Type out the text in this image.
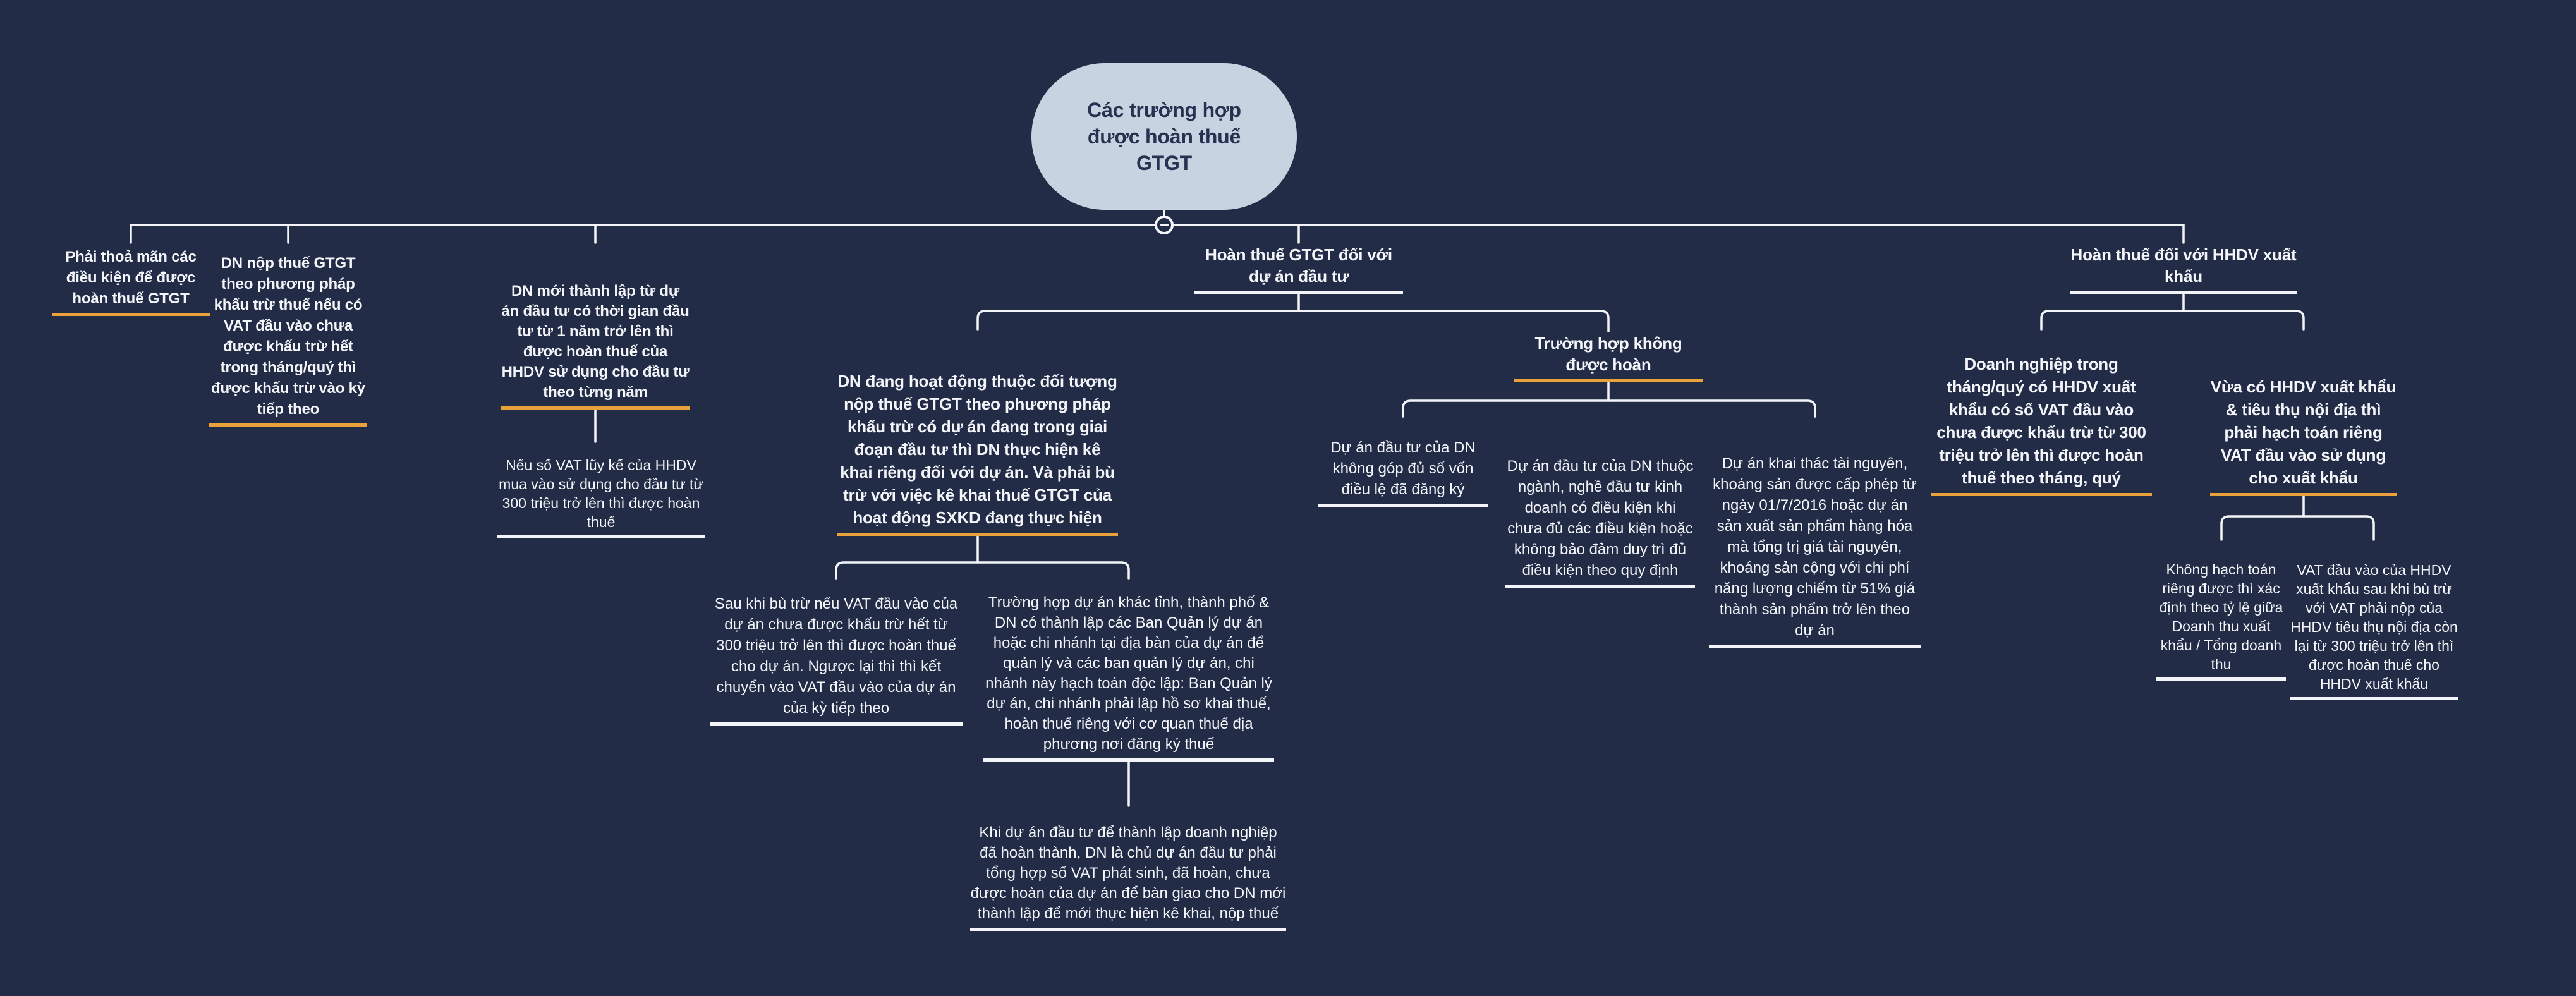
Các trường hợp được hoàn thuế GTGT
Phải thoả mãn các điều kiện để được hoàn thuế GTGT
DN nộp thuế GTGT theo phương pháp khấu trừ thuế nếu có VAT đầu vào chưa được khấu trừ hết trong tháng/quý thì được khấu trừ vào kỳ tiếp theo
DN mới thành lập từ dự án đầu tư có thời gian đầu tư từ 1 năm trở lên thì được hoàn thuế của HHDV sử dụng cho đầu tư theo từng năm
Nếu số VAT lũy kế của HHDV mua vào sử dụng cho đầu tư từ 300 triệu trở lên thì được hoàn thuế
Hoàn thuế GTGT đối với dự án đầu tư
DN đang hoạt động thuộc đối tượng nộp thuế GTGT theo phương pháp khấu trừ có dự án đang trong giai đoạn đầu tư thì DN thực hiện kê khai riêng đối với dự án. Và phải bù trừ với việc kê khai thuế GTGT của hoạt động SXKD đang thực hiện
Sau khi bù trừ nếu VAT đầu vào của dự án chưa được khấu trừ hết từ 300 triệu trở lên thì được hoàn thuế cho dự án. Ngược lại thì thì kết chuyển vào VAT đầu vào của dự án của kỳ tiếp theo
Trường hợp dự án khác tỉnh, thành phố & DN có thành lập các Ban Quản lý dự án hoặc chi nhánh tại địa bàn của dự án để quản lý và các ban quản lý dự án, chi nhánh này hạch toán độc lập: Ban Quản lý dự án, chi nhánh phải lập hồ sơ khai thuế, hoàn thuế riêng với cơ quan thuế địa phương nơi đăng ký thuế
Khi dự án đầu tư để thành lập doanh nghiệp đã hoàn thành, DN là chủ dự án đầu tư phải tổng hợp số VAT phát sinh, đã hoàn, chưa được hoàn của dự án để bàn giao cho DN mới thành lập để mới thực hiện kê khai, nộp thuế
Trường hợp không được hoàn
Dự án đầu tư của DN không góp đủ số vốn điều lệ đã đăng ký
Dự án đầu tư của DN thuộc ngành, nghề đầu tư kinh doanh có điều kiện khi chưa đủ các điều kiện hoặc không bảo đảm duy trì đủ điều kiện theo quy định
Dự án khai thác tài nguyên, khoáng sản được cấp phép từ ngày 01/7/2016 hoặc dự án sản xuất sản phẩm hàng hóa mà tổng trị giá tài nguyên, khoáng sản cộng với chi phí năng lượng chiếm từ 51% giá thành sản phẩm trở lên theo dự án
Hoàn thuế đối với HHDV xuất khẩu
Doanh nghiệp trong tháng/quý có HHDV xuất khẩu có số VAT đầu vào chưa được khấu trừ từ 300 triệu trở lên thì được hoàn thuế theo tháng, quý
Vừa có HHDV xuất khẩu & tiêu thụ nội địa thì phải hạch toán riêng VAT đầu vào sử dụng cho xuất khẩu
Không hạch toán riêng được thì xác định theo tỷ lệ giữa Doanh thu xuất khẩu / Tổng doanh thu
VAT đầu vào của HHDV xuất khẩu sau khi bù trừ với VAT phải nộp của HHDV tiêu thụ nội địa còn lại từ 300 triệu trở lên thì được hoàn thuế cho HHDV xuất khẩu
